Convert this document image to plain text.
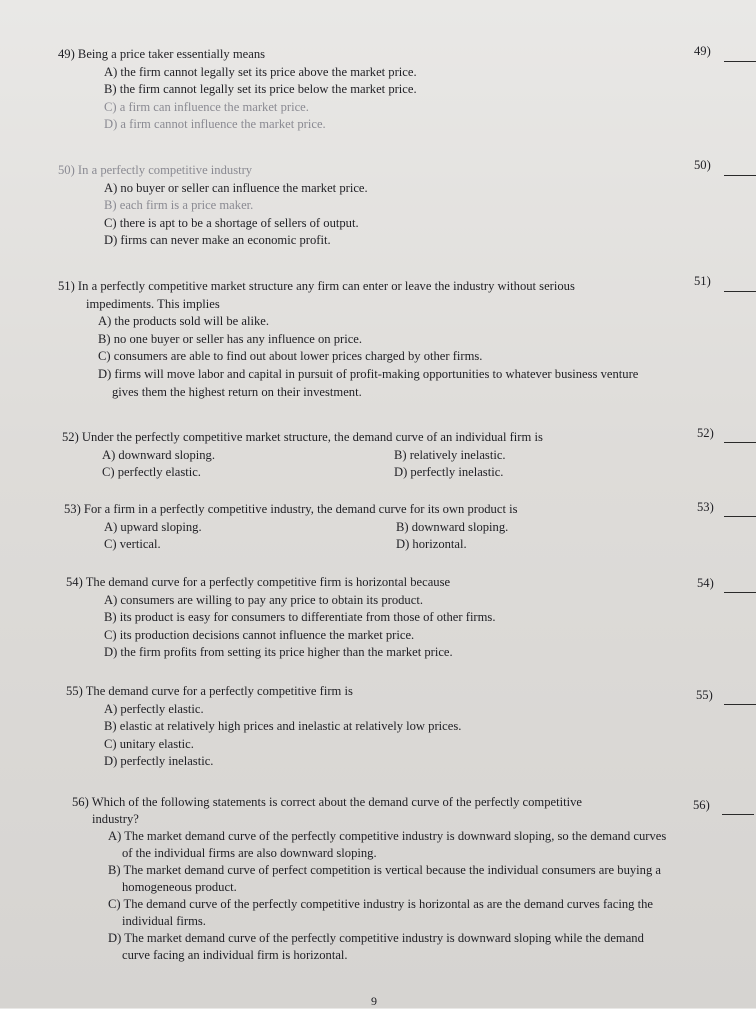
49) Being a price taker essentially means
A) the firm cannot legally set its price above the market price.
B) the firm cannot legally set its price below the market price.
C) a firm can influence the market price.
D) a firm cannot influence the market price.
49)
50) In a perfectly competitive industry
A) no buyer or seller can influence the market price.
B) each firm is a price maker.
C) there is apt to be a shortage of sellers of output.
D) firms can never make an economic profit.
50)
51) In a perfectly competitive market structure any firm can enter or leave the industry without serious
impediments. This implies
A) the products sold will be alike.
B) no one buyer or seller has any influence on price.
C) consumers are able to find out about lower prices charged by other firms.
D) firms will move labor and capital in pursuit of profit-making opportunities to whatever business venture gives them the highest return on their investment.
51)
52) Under the perfectly competitive market structure, the demand curve of an individual firm is
A) downward sloping.	B) relatively inelastic.
C) perfectly elastic.	D) perfectly inelastic.
52)
53) For a firm in a perfectly competitive industry, the demand curve for its own product is
A) upward sloping.	B) downward sloping.
C) vertical.	D) horizontal.
53)
54) The demand curve for a perfectly competitive firm is horizontal because
A) consumers are willing to pay any price to obtain its product.
B) its product is easy for consumers to differentiate from those of other firms.
C) its production decisions cannot influence the market price.
D) the firm profits from setting its price higher than the market price.
54)
55) The demand curve for a perfectly competitive firm is
A) perfectly elastic.
B) elastic at relatively high prices and inelastic at relatively low prices.
C) unitary elastic.
D) perfectly inelastic.
55)
56) Which of the following statements is correct about the demand curve of the perfectly competitive
industry?
A) The market demand curve of the perfectly competitive industry is downward sloping, so the demand curves of the individual firms are also downward sloping.
B) The market demand curve of perfect competition is vertical because the individual consumers are buying a homogeneous product.
C) The demand curve of the perfectly competitive industry is horizontal as are the demand curves facing the individual firms.
D) The market demand curve of the perfectly competitive industry is downward sloping while the demand curve facing an individual firm is horizontal.
56)
9
